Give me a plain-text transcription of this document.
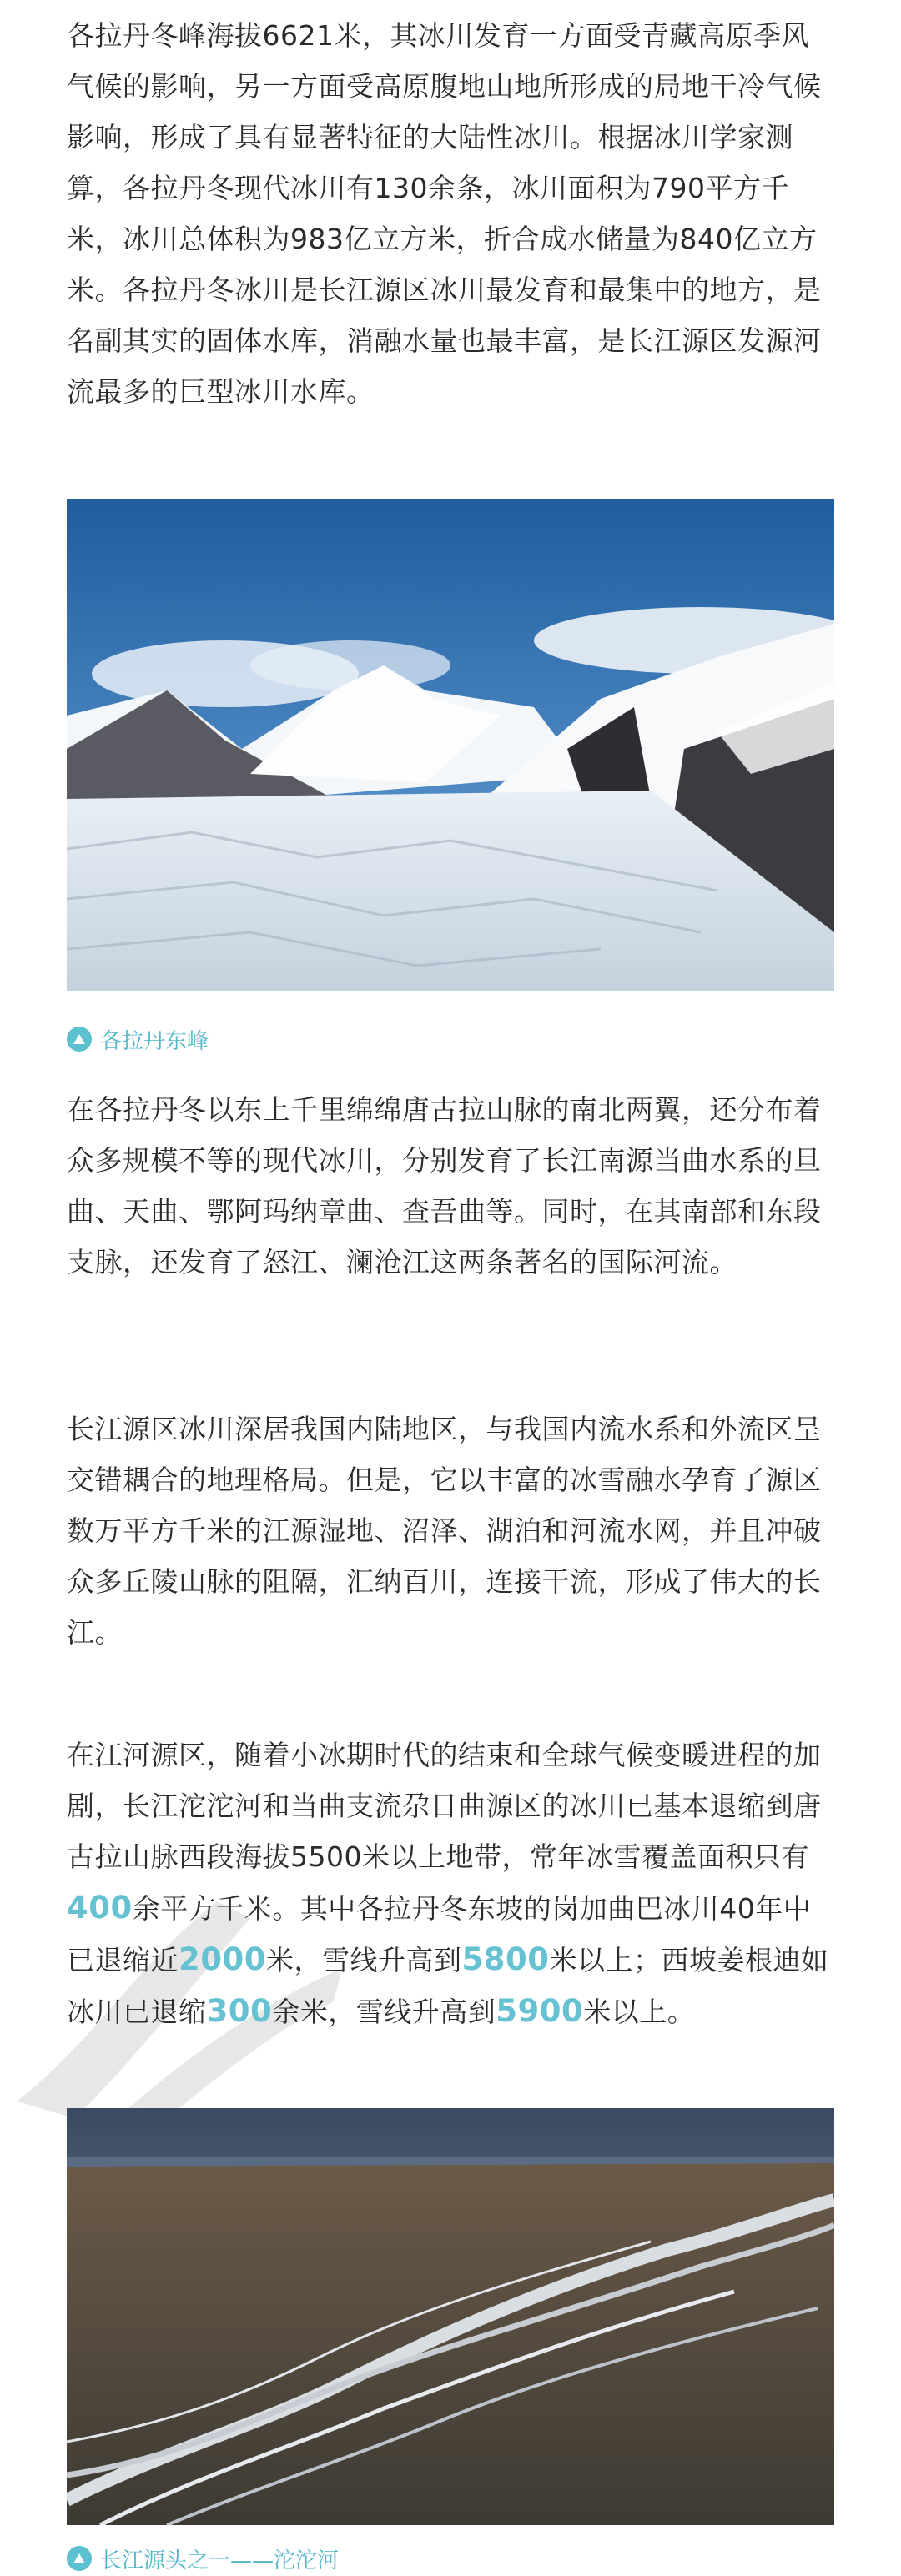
各拉丹冬峰海拔6621米，其冰川发育一方面受青藏高原季风气候的影响，另一方面受高原腹地山地所形成的局地干冷气候影响，形成了具有显著特征的大陆性冰川。根据冰川学家测算，各拉丹冬现代冰川有130余条，冰川面积为790平方千米，冰川总体积为983亿立方米，折合成水储量为840亿立方米。各拉丹冬冰川是长江源区冰川最发育和最集中的地方，是名副其实的固体水库，消融水量也最丰富，是长江源区发源河流最多的巨型冰川水库。

各拉丹东峰

在各拉丹冬以东上千里绵绵唐古拉山脉的南北两翼，还分布着众多规模不等的现代冰川，分别发育了长江南源当曲水系的旦曲、天曲、鄂阿玛纳章曲、查吾曲等。同时，在其南部和东段支脉，还发育了怒江、澜沧江这两条著名的国际河流。

长江源区冰川深居我国内陆地区，与我国内流水系和外流区呈交错耦合的地理格局。但是，它以丰富的冰雪融水孕育了源区数万平方千米的江源湿地、沼泽、湖泊和河流水网，并且冲破众多丘陵山脉的阻隔，汇纳百川，连接干流，形成了伟大的长江。

在江河源区，随着小冰期时代的结束和全球气候变暖进程的加剧，长江沱沱河和当曲支流尕日曲源区的冰川已基本退缩到唐古拉山脉西段海拔5500米以上地带，常年冰雪覆盖面积只有400余平方千米。其中各拉丹冬东坡的岗加曲巴冰川40年中已退缩近2000米，雪线升高到5800米以上；西坡姜根迪如冰川已退缩300余米，雪线升高到5900米以上。

长江源头之一——沱沱河
